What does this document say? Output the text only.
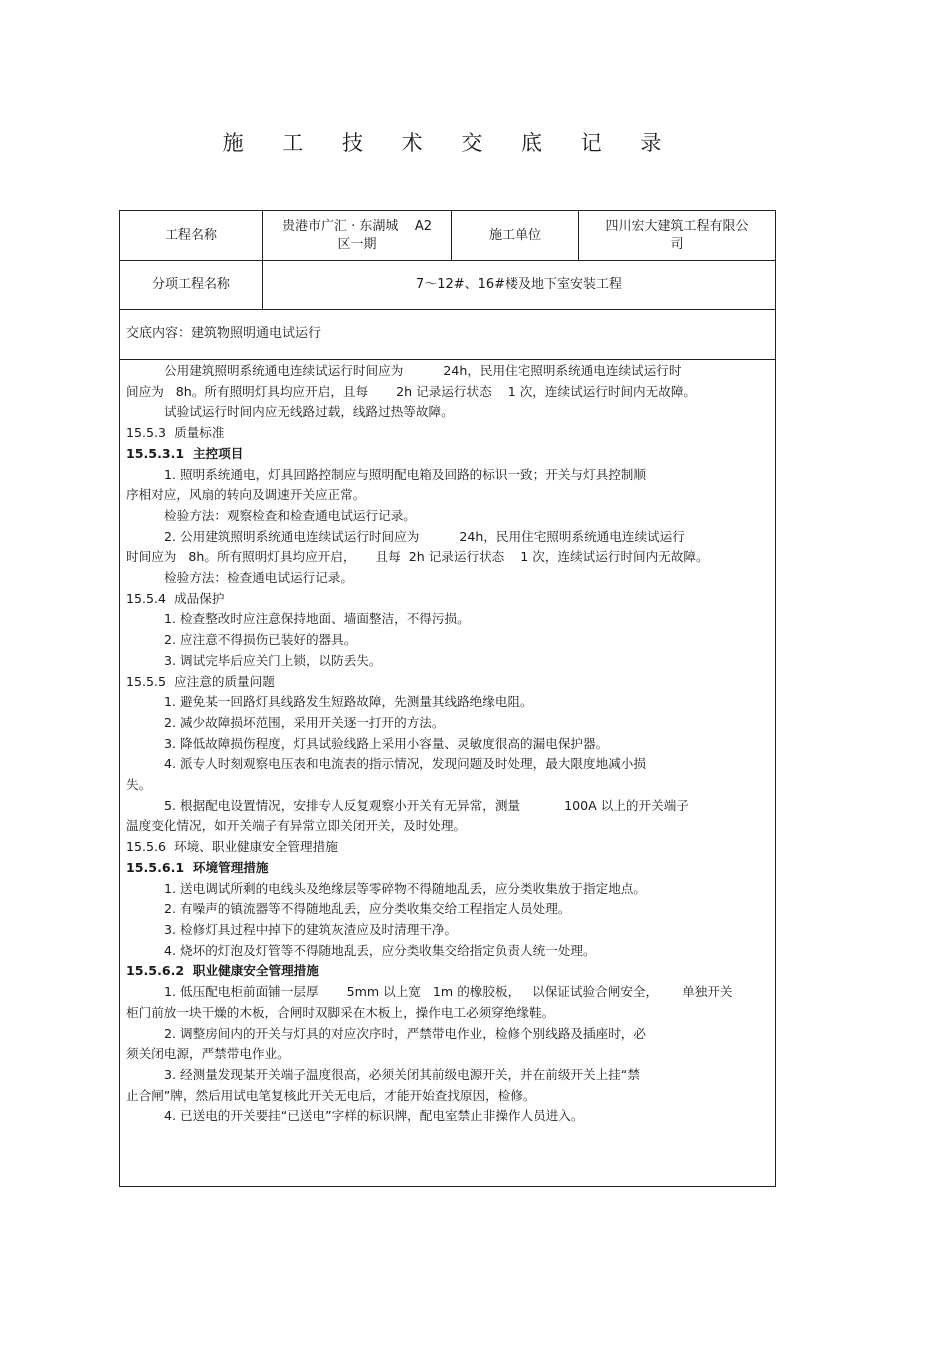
施 工 技 术 交 底 记 录
工程名称
贵港市广汇 · 东湖城    A2
区一期
施工单位
四川宏大建筑工程有限公
司
分项工程名称	7～12#、16#楼及地下室安装工程
交底内容：建筑物照明通电试运行

公用建筑照明系统通电连续试运行时间应为          24h，民用住宅照明系统通电连续试运行时

间应为   8h。所有照明灯具均应开启，且每       2h 记录运行状态    1 次，连续试运行时间内无故障。

试验试运行时间内应无线路过载，线路过热等故障。

15.5.3  质量标准

15.5.3.1  主控项目

1. 照明系统通电，灯具回路控制应与照明配电箱及回路的标识一致；开关与灯具控制顺

序相对应，风扇的转向及调速开关应正常。

检验方法：观察检查和检查通电试运行记录。

2. 公用建筑照明系统通电连续试运行时间应为          24h，民用住宅照明系统通电连续试运行

时间应为   8h。所有照明灯具均应开启，     且每  2h 记录运行状态    1 次，连续试运行时间内无故障。

检验方法：检查通电试运行记录。

15.5.4  成品保护

1. 检查整改时应注意保持地面、墙面整洁，不得污损。

2. 应注意不得损伤已装好的器具。

3. 调试完毕后应关门上锁，以防丢失。

15.5.5  应注意的质量问题

1. 避免某一回路灯具线路发生短路故障，先测量其线路绝缘电阻。

2. 减少故障损坏范围，采用开关逐一打开的方法。

3. 降低故障损伤程度，灯具试验线路上采用小容量、灵敏度很高的漏电保护器。

4. 派专人时刻观察电压表和电流表的指示情况，发现问题及时处理，最大限度地减小损

失。

5. 根据配电设置情况，安排专人反复观察小开关有无异常，测量           100A 以上的开关端子

温度变化情况，如开关端子有异常立即关闭开关，及时处理。

15.5.6  环境、职业健康安全管理措施

15.5.6.1  环境管理措施

1. 送电调试所剩的电线头及绝缘层等零碎物不得随地乱丢，应分类收集放于指定地点。

2. 有噪声的镇流器等不得随地乱丢，应分类收集交给工程指定人员处理。

3. 检修灯具过程中掉下的建筑灰渣应及时清理干净。

4. 烧坏的灯泡及灯管等不得随地乱丢，应分类收集交给指定负责人统一处理。

15.5.6.2  职业健康安全管理措施

1. 低压配电柜前面铺一层厚       5mm 以上宽   1m 的橡胶板，   以保证试验合闸安全，      单独开关

柜门前放一块干燥的木板，合闸时双脚采在木板上，操作电工必须穿绝缘鞋。

2. 调整房间内的开关与灯具的对应次序时，严禁带电作业，检修个别线路及插座时，必

须关闭电源，严禁带电作业。

3. 经测量发现某开关端子温度很高，必须关闭其前级电源开关，并在前级开关上挂“禁

止合闸”牌，然后用试电笔复核此开关无电后，才能开始查找原因，检修。

4. 已送电的开关要挂“已送电”字样的标识牌，配电室禁止非操作人员进入。
